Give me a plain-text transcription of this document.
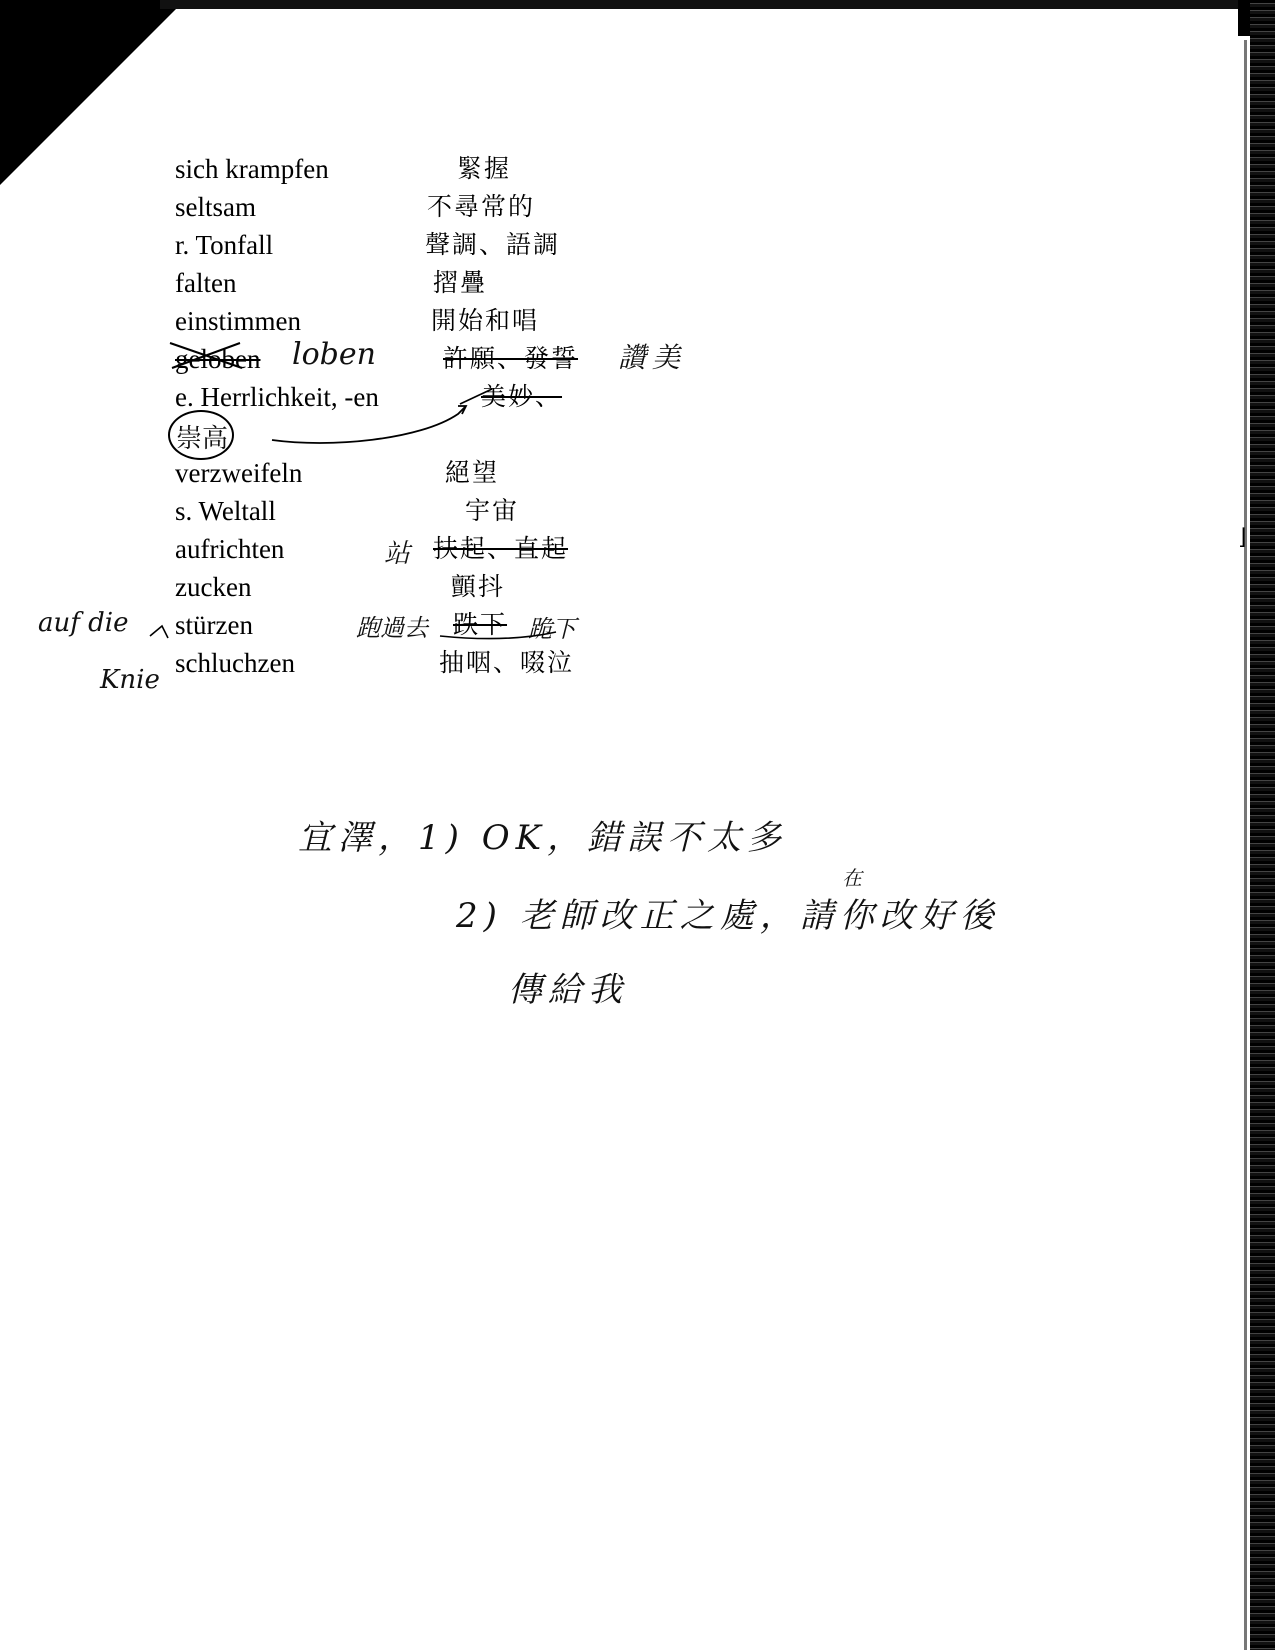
⌋
sich krampfen	緊握
seltsam	不尋常的
r. Tonfall	聲調、語調
falten	摺疊
einstimmen	開始和唱
geloben	許願、發誓
e. Herrlichkeit, -en	美妙、
verzweifeln	絕望
s. Weltall	宇宙
aufrichten	扶起、直起
zucken	顫抖
stürzen	跌下
schluchzen	抽咽、啜泣
loben	讚美
崇高
站
跑過去	跪下
auf die
Knie
宜澤，1) OK，錯誤不太多
在
2) 老師改正之處，請你改好後
傳給我
